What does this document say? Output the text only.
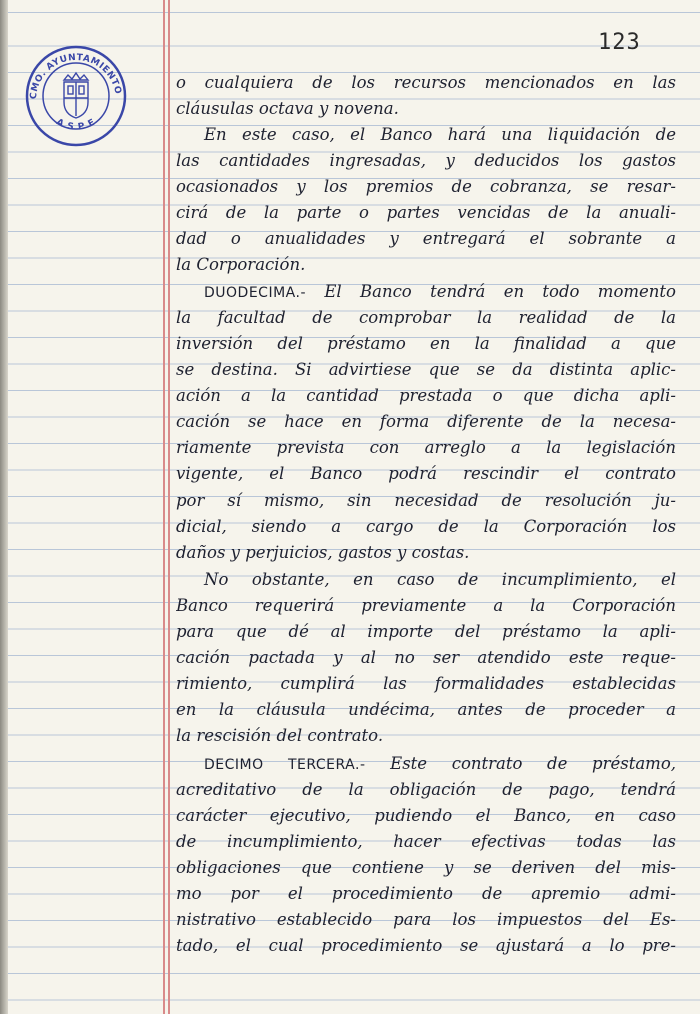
CMO. AYUNTAMIENTO
A S P E
123
o cualquiera de los recursos mencionados en las
cláusulas octava y novena.
En este caso, el Banco hará una liquidación de
las cantidades ingresadas, y deducidos los gastos
ocasionados y los premios de cobranza, se resar-
cirá de la parte o partes vencidas de la anuali-
dad o anualidades y entregará el sobrante a
la Corporación.
DUODECIMA.- El Banco tendrá en todo momento
la facultad de comprobar la realidad de la
inversión del préstamo en la finalidad a que
se destina. Si advirtiese que se da distinta aplic-
ación a la cantidad prestada o que dicha apli-
cación se hace en forma diferente de la necesa-
riamente prevista con arreglo a la legislación
vigente, el Banco podrá rescindir el contrato
por sí mismo, sin necesidad de resolución ju-
dicial, siendo a cargo de la Corporación los
daños y perjuicios, gastos y costas.
No obstante, en caso de incumplimiento, el
Banco requerirá previamente a la Corporación
para que dé al importe del préstamo la apli-
cación pactada y al no ser atendido este reque-
rimiento, cumplirá las formalidades establecidas
en la cláusula undécima, antes de proceder a
la rescisión del contrato.
DECIMO TERCERA.- Este contrato de préstamo,
acreditativo de la obligación de pago, tendrá
carácter ejecutivo, pudiendo el Banco, en caso
de incumplimiento, hacer efectivas todas las
obligaciones que contiene y se deriven del mis-
mo por el procedimiento de apremio admi-
nistrativo establecido para los impuestos del Es-
tado, el cual procedimiento se ajustará a lo pre-
